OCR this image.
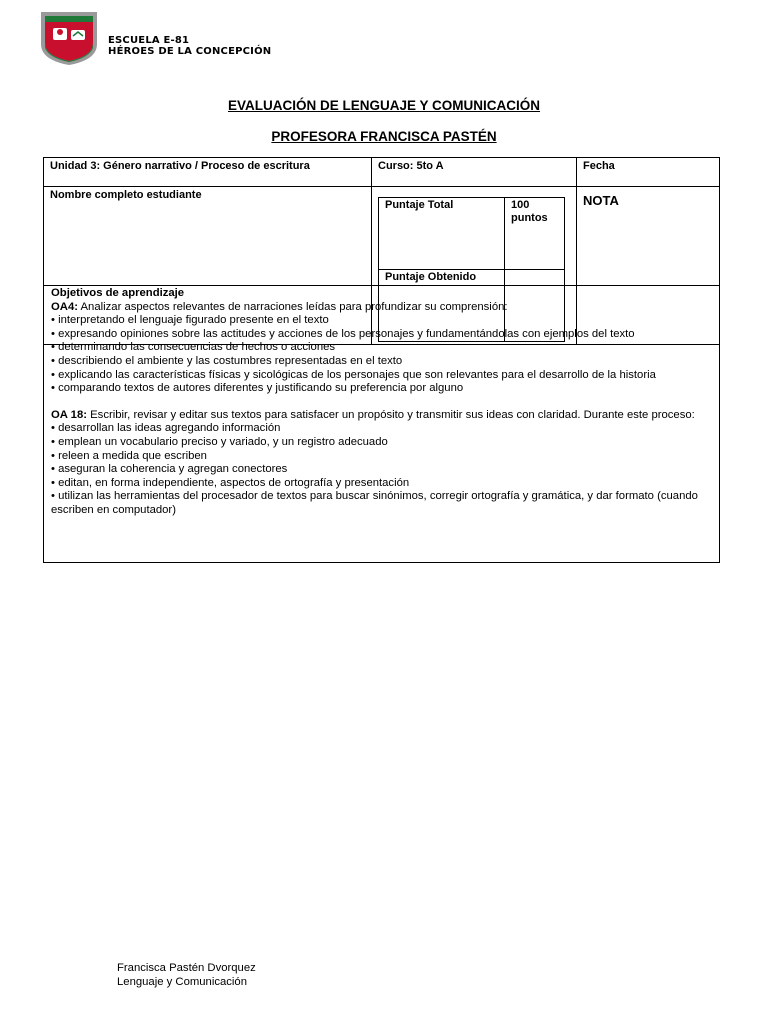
ESCUELA E-81
HÉROES DE LA CONCEPCIÓN
EVALUACIÓN DE LENGUAJE Y COMUNICACIÓN
PROFESORA FRANCISCA PASTÉN
Unidad 3: Género narrativo / Proceso de escritura	Curso: 5to A	Fecha
Nombre completo estudiante	
Puntaje Total	100 puntos
Puntaje Obtenido	

NOTA

Objetivos de aprendizaje

OA4: Analizar aspectos relevantes de narraciones leídas para profundizar su comprensión:

• interpretando el lenguaje figurado presente en el texto

• expresando opiniones sobre las actitudes y acciones de los personajes y fundamentándolas con ejemplos del texto

• determinando las consecuencias de hechos o acciones

• describiendo el ambiente y las costumbres representadas en el texto

• explicando las características físicas y sicológicas de los personajes que son relevantes para el desarrollo de la historia

• comparando textos de autores diferentes y justificando su preferencia por alguno

OA 18: Escribir, revisar y editar sus textos para satisfacer un propósito y transmitir sus ideas con claridad. Durante este proceso:

• desarrollan las ideas agregando información

• emplean un vocabulario preciso y variado, y un registro adecuado

• releen a medida que escriben

• aseguran la coherencia y agregan conectores

• editan, en forma independiente, aspectos de ortografía y presentación

• utilizan las herramientas del procesador de textos para buscar sinónimos, corregir ortografía y gramática, y dar formato (cuando escriben en computador)

Francisca Pastén Dvorquez
Lenguaje y Comunicación
